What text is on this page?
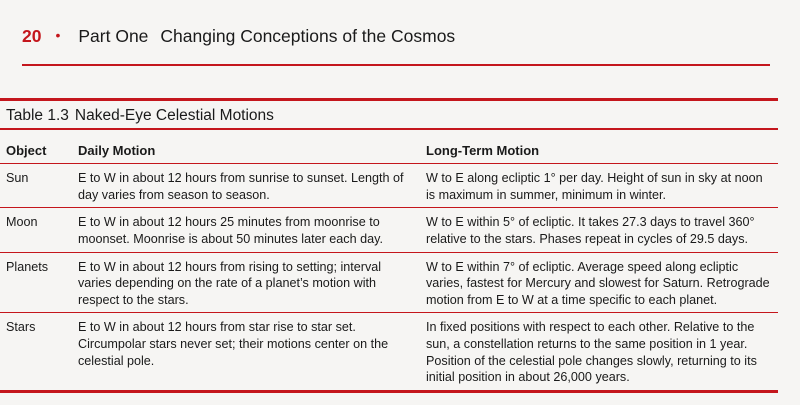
20 • Part One Changing Conceptions of the Cosmos
Table 1.3 Naked-Eye Celestial Motions
Object	Daily Motion	Long-Term Motion
Sun	E to W in about 12 hours from sunrise to sunset. Length of day varies from season to season.	W to E along ecliptic 1° per day. Height of sun in sky at noon is maximum in summer, minimum in winter.
Moon	E to W in about 12 hours 25 minutes from moonrise to moonset. Moonrise is about 50 minutes later each day.	W to E within 5° of ecliptic. It takes 27.3 days to travel 360° relative to the stars. Phases repeat in cycles of 29.5 days.
Planets	E to W in about 12 hours from rising to setting; interval varies depending on the rate of a planet’s motion with respect to the stars.	W to E within 7° of ecliptic. Average speed along ecliptic varies, fastest for Mercury and slowest for Saturn. Retrograde motion from E to W at a time specific to each planet.
Stars	E to W in about 12 hours from star rise to star set. Circumpolar stars never set; their motions center on the celestial pole.	In fixed positions with respect to each other. Relative to the sun, a constellation returns to the same position in 1 year. Position of the celestial pole changes slowly, returning to its initial position in about 26,000 years.
